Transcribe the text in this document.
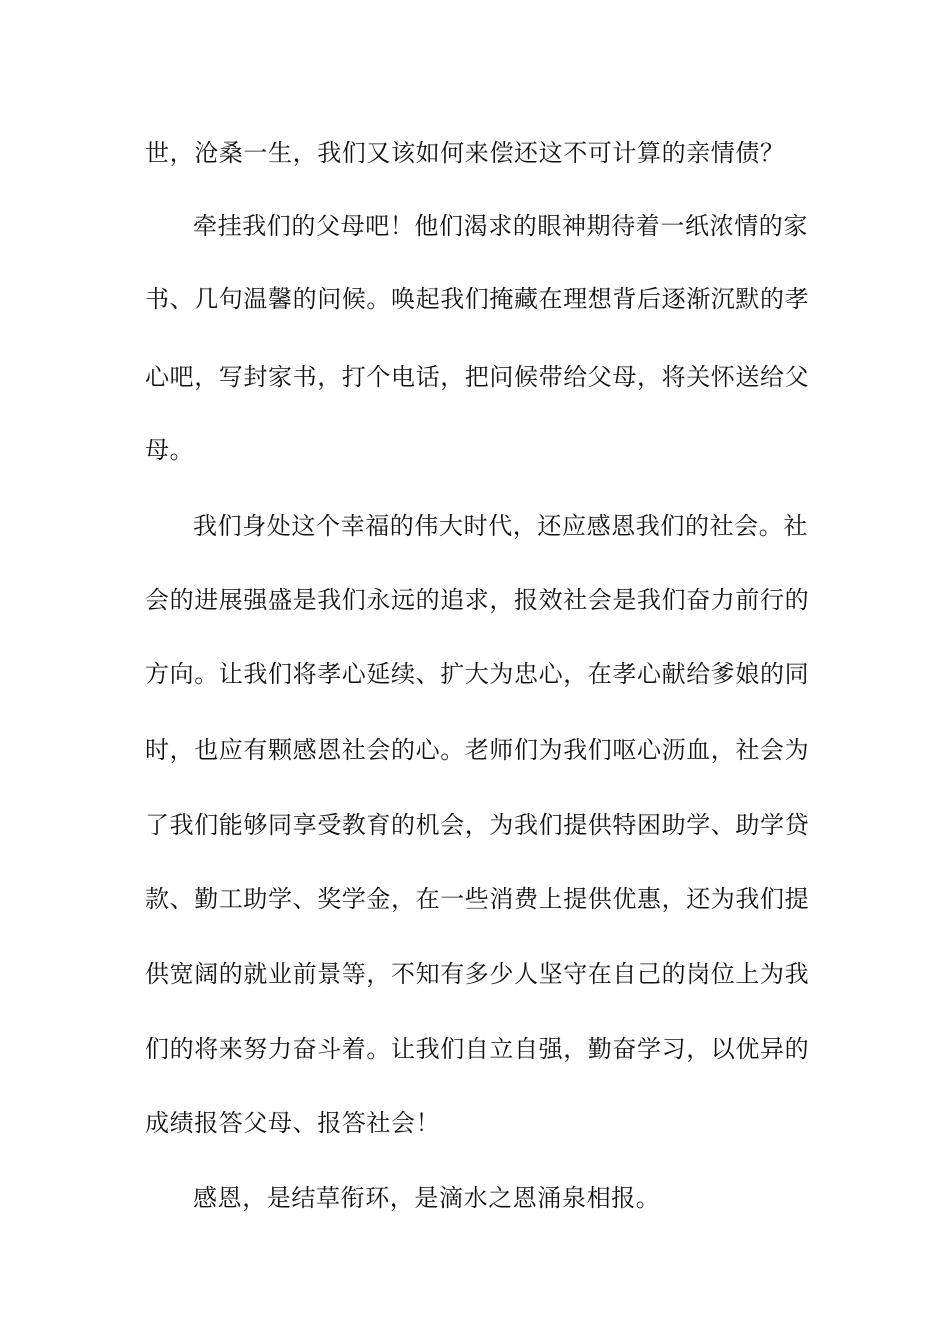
世，沧桑一生，我们又该如何来偿还这不可计算的亲情债？
牵挂我们的父母吧！他们渴求的眼神期待着一纸浓情的家
书、几句温馨的问候。唤起我们掩藏在理想背后逐渐沉默的孝
心吧，写封家书，打个电话，把问候带给父母，将关怀送给父
母。
我们身处这个幸福的伟大时代，还应感恩我们的社会。社
会的进展强盛是我们永远的追求，报效社会是我们奋力前行的
方向。让我们将孝心延续、扩大为忠心，在孝心献给爹娘的同
时，也应有颗感恩社会的心。老师们为我们呕心沥血，社会为
了我们能够同享受教育的机会，为我们提供特困助学、助学贷
款、勤工助学、奖学金，在一些消费上提供优惠，还为我们提
供宽阔的就业前景等，不知有多少人坚守在自己的岗位上为我
们的将来努力奋斗着。让我们自立自强，勤奋学习，以优异的
成绩报答父母、报答社会！
感恩，是结草衔环，是滴水之恩涌泉相报。
